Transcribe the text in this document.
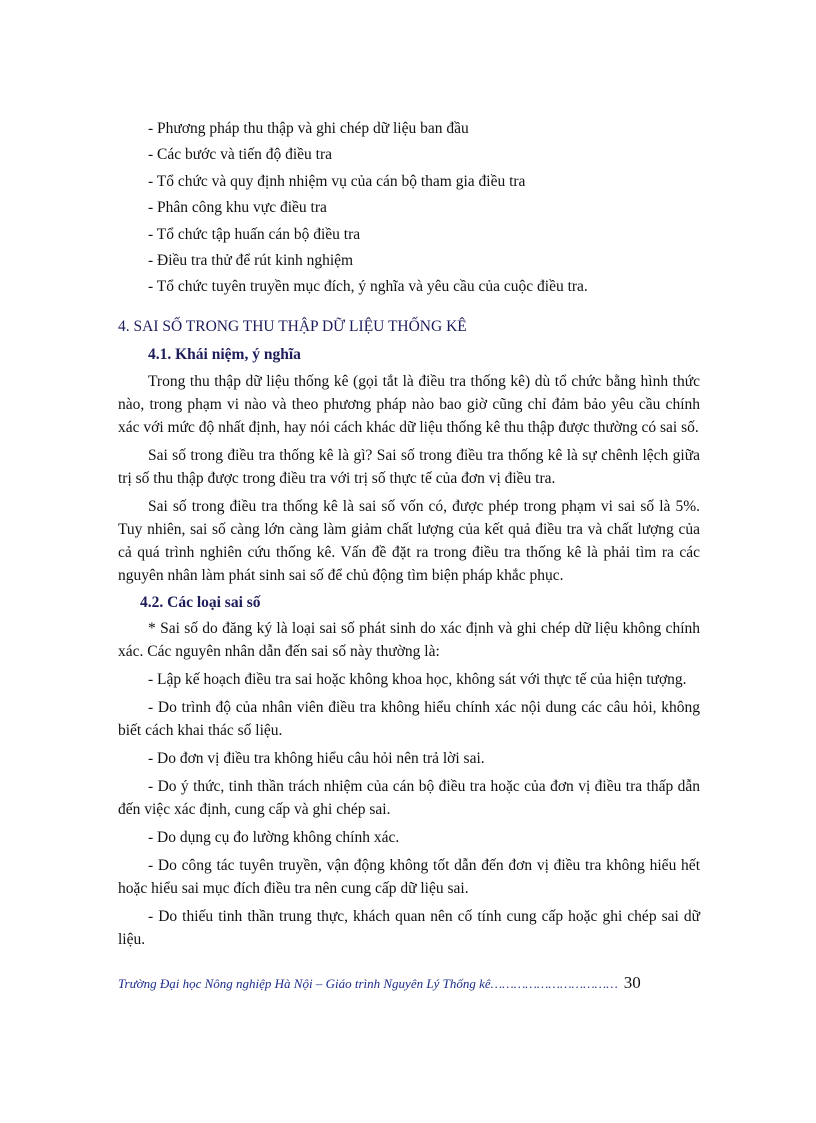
- Phương pháp thu thập và ghi chép dữ liệu ban đầu
- Các bước và tiến độ điều tra
- Tổ chức và quy định nhiệm vụ của cán bộ tham gia điều tra
- Phân công khu vực điều tra
- Tổ chức tập huấn cán bộ điều tra
- Điều tra thử để rút kinh nghiệm
- Tổ chức tuyên truyền mục đích, ý nghĩa và yêu cầu của cuộc điều tra.
4. SAI SỐ TRONG THU THẬP DỮ LIỆU THỐNG KÊ
4.1. Khái niệm, ý nghĩa

Trong thu thập dữ liệu thống kê (gọi tắt là điều tra thống kê) dù tổ chức bằng hình thức nào, trong phạm vi nào và theo phương pháp nào bao giờ cũng chỉ đảm bảo yêu cầu chính xác với mức độ nhất định, hay nói cách khác dữ liệu thống kê thu thập được thường có sai số.

Sai số trong điều tra thống kê là gì? Sai số trong điều tra thống kê là sự chênh lệch giữa trị số thu thập được trong điều tra với trị số thực tế của đơn vị điều tra.

Sai số trong điều tra thống kê là sai số vốn có, được phép trong phạm vi sai số là 5%. Tuy nhiên, sai số càng lớn càng làm giảm chất lượng của kết quả điều tra và chất lượng của cả quá trình nghiên cứu thống kê. Vấn đề đặt ra trong điều tra thống kê là phải tìm ra các nguyên nhân làm phát sinh sai số để chủ động tìm biện pháp khắc phục.

4.2. Các loại sai số

* Sai số do đăng ký là loại sai số phát sinh do xác định và ghi chép dữ liệu không chính xác. Các nguyên nhân dẫn đến sai số này thường là:

- Lập kế hoạch điều tra sai hoặc không khoa học, không sát với thực tế của hiện tượng.

- Do trình độ của nhân viên điều tra không hiểu chính xác nội dung các câu hỏi, không biết cách khai thác số liệu.

- Do đơn vị điều tra không hiểu câu hỏi nên trả lời sai.

- Do ý thức, tinh thần trách nhiệm của cán bộ điều tra hoặc của đơn vị điều tra thấp dẫn đến việc xác định, cung cấp và ghi chép sai.

- Do dụng cụ đo lường không chính xác.

- Do công tác tuyên truyền, vận động không tốt dẫn đến đơn vị điều tra không hiểu hết hoặc hiểu sai mục đích điều tra nên cung cấp dữ liệu sai.

- Do thiếu tinh thần trung thực, khách quan nên cố tính cung cấp hoặc ghi chép sai dữ liệu.

Trường Đại học Nông nghiệp Hà Nội – Giáo trình Nguyên Lý Thống kê…………………………… 30
